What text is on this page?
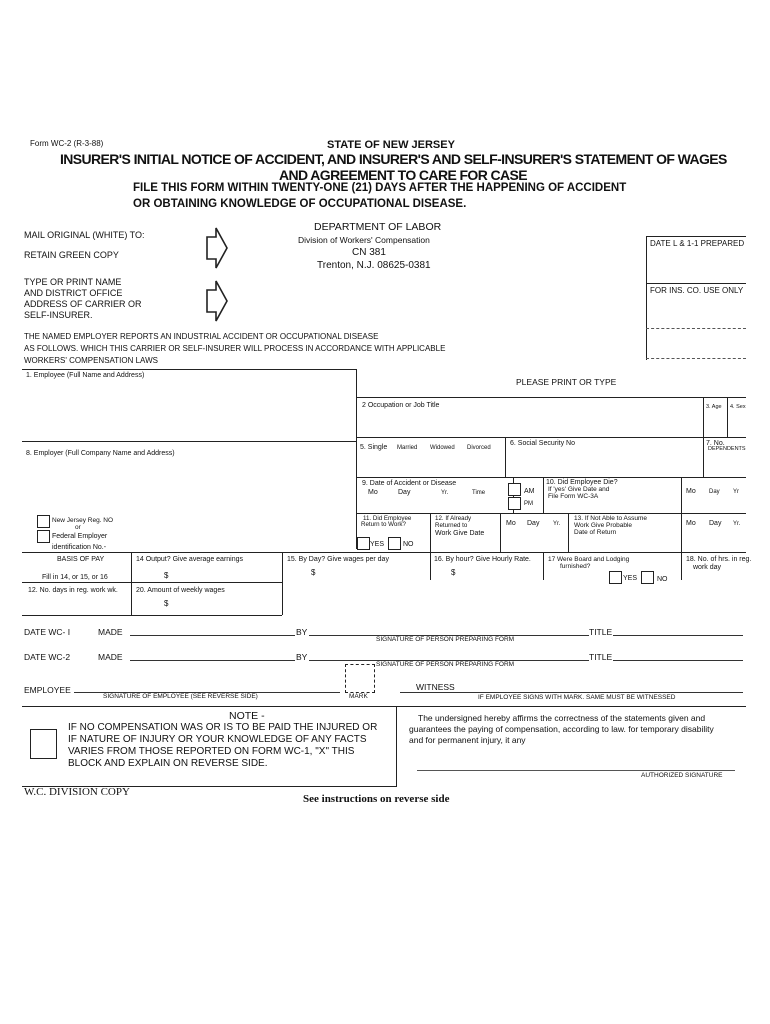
Form WC-2 (R-3-88)	STATE OF NEW JERSEY
INSURER'S INITIAL NOTICE OF ACCIDENT, AND INSURER'S AND SELF-INSURER'S STATEMENT OF WAGES
AND AGREEMENT TO CARE FOR CASE
FILE THIS FORM WITHIN TWENTY-ONE (21) DAYS AFTER THE HAPPENING OF ACCIDENT
OR OBTAINING KNOWLEDGE OF OCCUPATIONAL DISEASE.
MAIL ORIGINAL (WHITE) TO:
RETAIN GREEN COPY
TYPE OR PRINT NAME
AND DISTRICT OFFICE
ADDRESS OF CARRIER OR
SELF-INSURER.
DEPARTMENT OF LABOR
Division of Workers' Compensation
CN 381
Trenton, N.J. 08625-0381
DATE L & 1-1 PREPARED
FOR INS. CO. USE ONLY
THE NAMED EMPLOYER REPORTS AN INDUSTRIAL ACCIDENT OR OCCUPATIONAL DISEASE
AS FOLLOWS. WHICH THIS CARRIER OR SELF-INSURER WILL PROCESS IN ACCORDANCE WITH APPLICABLE
WORKERS' COMPENSATION LAWS
1. Employee (Full Name and Address)
PLEASE PRINT OR TYPE
2 Occupation or Job Title	3. Age 4. Sex
8. Employer (Full Company Name and Address)
5. Single Married Widowed Divorced
6. Social Security No	7. No.
DEPENDENTS
9. Date of Accident or Disease
Mo	Day	Yr.	Time	AM
PM
10. Did Employee Die?
If 'yes' Give Date and
File Form WC-3A
Mo Day Yr
New Jersey Reg. NO
or
Federal Employer
identification No.-
11. Did Employee
Return to Work?
YES	NO
12. If Already
Returned to
Work Give Date
Mo Day Yr.
13. If Not Able to Assume
Work Give Probable
Date of Return
Mo Day Yr.
BASIS OF PAY	14 Output? Give average earnings	15. By Day? Give wages per day	16. By hour? Give Hourly Rate.	17 Were Board and Lodging
furnished?
YES	NO
18. No. of hrs. in reg.
work day
Fill in 14, or 15, or 16	$	$	$
12. No. days in reg. work wk.	20. Amount of weekly wages
$
DATE WC- I	MADE	BY	TITLE
SIGNATURE OF PERSON PREPARING FORM
DATE WC-2	MADE	BY	TITLE
SIGNATURE OF PERSON PREPARING FORM
EMPLOYEE
SIGNATURE OF EMPLOYEE (SEE REVERSE SIDE)	MARK
WITNESS
IF EMPLOYEE SIGNS WITH MARK. SAME MUST BE WITNESSED
NOTE -
IF NO COMPENSATION WAS OR IS TO BE PAID THE INJURED OR
IF NATURE OF INJURY OR YOUR KNOWLEDGE OF ANY FACTS
VARIES FROM THOSE REPORTED ON FORM WC-1, "X" THIS
BLOCK AND EXPLAIN ON REVERSE SIDE.
The undersigned hereby affirms the correctness of the statements given and
guarantees the paying of compensation, according to law. for temporary disability
and for permanent injury, it any
AUTHORIZED SIGNATURE
W.C. DIVISION COPY
See instructions on reverse side
